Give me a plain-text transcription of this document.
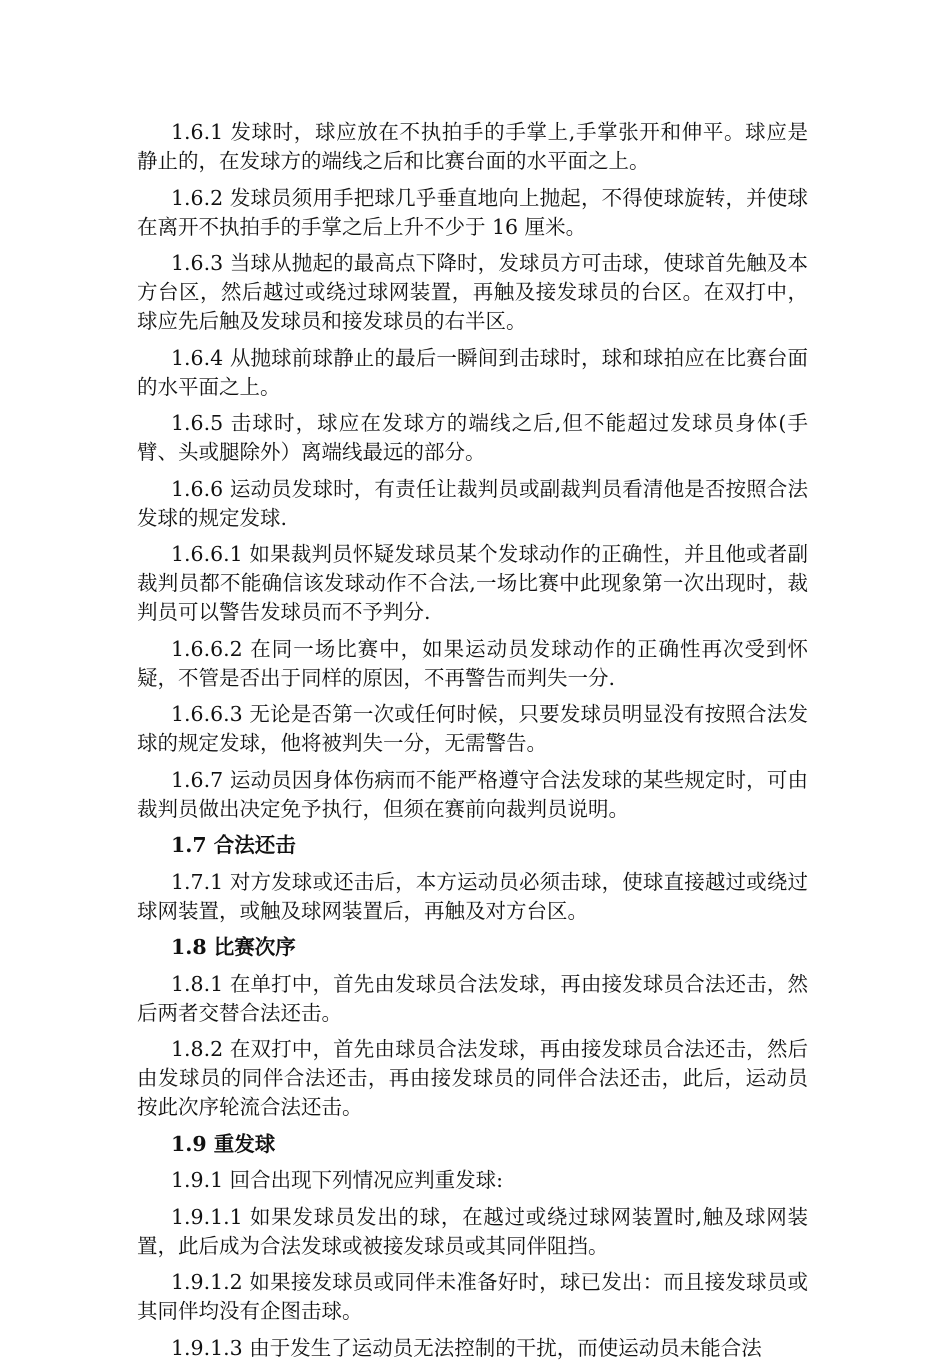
1.6.1 发球时，球应放在不执拍手的手掌上,手掌张开和伸平。球应是静止的，在发球方的端线之后和比赛台面的水平面之上。

1.6.2 发球员须用手把球几乎垂直地向上抛起，不得使球旋转，并使球在离开不执拍手的手掌之后上升不少于 16 厘米。

1.6.3 当球从抛起的最高点下降时，发球员方可击球，使球首先触及本方台区，然后越过或绕过球网装置，再触及接发球员的台区。在双打中，球应先后触及发球员和接发球员的右半区。

1.6.4 从抛球前球静止的最后一瞬间到击球时，球和球拍应在比赛台面的水平面之上。

1.6.5 击球时，球应在发球方的端线之后,但不能超过发球员身体(手臂、头或腿除外）离端线最远的部分。

1.6.6 运动员发球时，有责任让裁判员或副裁判员看清他是否按照合法发球的规定发球.

1.6.6.1 如果裁判员怀疑发球员某个发球动作的正确性，并且他或者副裁判员都不能确信该发球动作不合法,一场比赛中此现象第一次出现时，裁判员可以警告发球员而不予判分.

1.6.6.2 在同一场比赛中，如果运动员发球动作的正确性再次受到怀疑，不管是否出于同样的原因，不再警告而判失一分.

1.6.6.3 无论是否第一次或任何时候，只要发球员明显没有按照合法发球的规定发球，他将被判失一分，无需警告。

1.6.7 运动员因身体伤病而不能严格遵守合法发球的某些规定时，可由裁判员做出决定免予执行，但须在赛前向裁判员说明。

1.7 合法还击

1.7.1 对方发球或还击后，本方运动员必须击球，使球直接越过或绕过球网装置，或触及球网装置后，再触及对方台区。

1.8 比赛次序

1.8.1 在单打中，首先由发球员合法发球，再由接发球员合法还击，然后两者交替合法还击。

1.8.2 在双打中，首先由球员合法发球，再由接发球员合法还击，然后由发球员的同伴合法还击，再由接发球员的同伴合法还击，此后，运动员按此次序轮流合法还击。

1.9 重发球

1.9.1 回合出现下列情况应判重发球:

1.9.1.1 如果发球员发出的球，在越过或绕过球网装置时,触及球网装置，此后成为合法发球或被接发球员或其同伴阻挡。

1.9.1.2 如果接发球员或同伴未准备好时，球已发出：而且接发球员或其同伴均没有企图击球。

1.9.1.3 由于发生了运动员无法控制的干扰，而使运动员未能合法
